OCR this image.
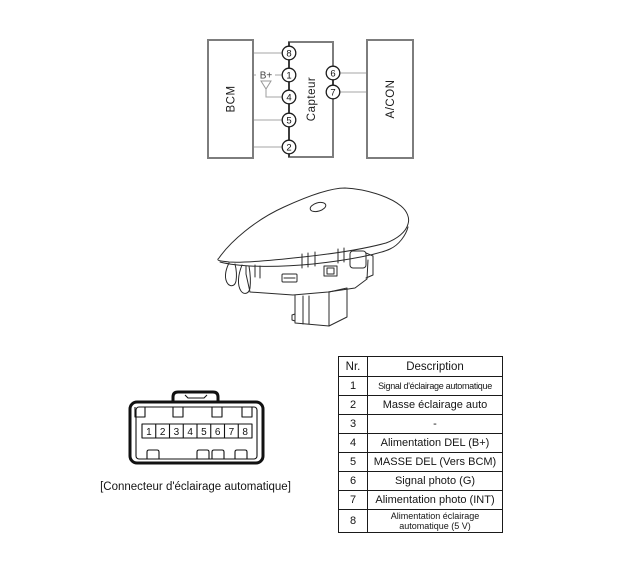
B+
BCM	Capteur	A/CON
8
1
4
5
2
6
7
1 2 3 4 5 6 7 8
[Connecteur d'éclairage automatique]
Nr.	Description
1	Signal d'éclairage automatique
2	Masse éclairage auto
3	-
4	Alimentation DEL (B+)
5	MASSE DEL (Vers BCM)
6	Signal photo (G)
7	Alimentation photo (INT)
8	Alimentation éclairage automatique (5 V)
